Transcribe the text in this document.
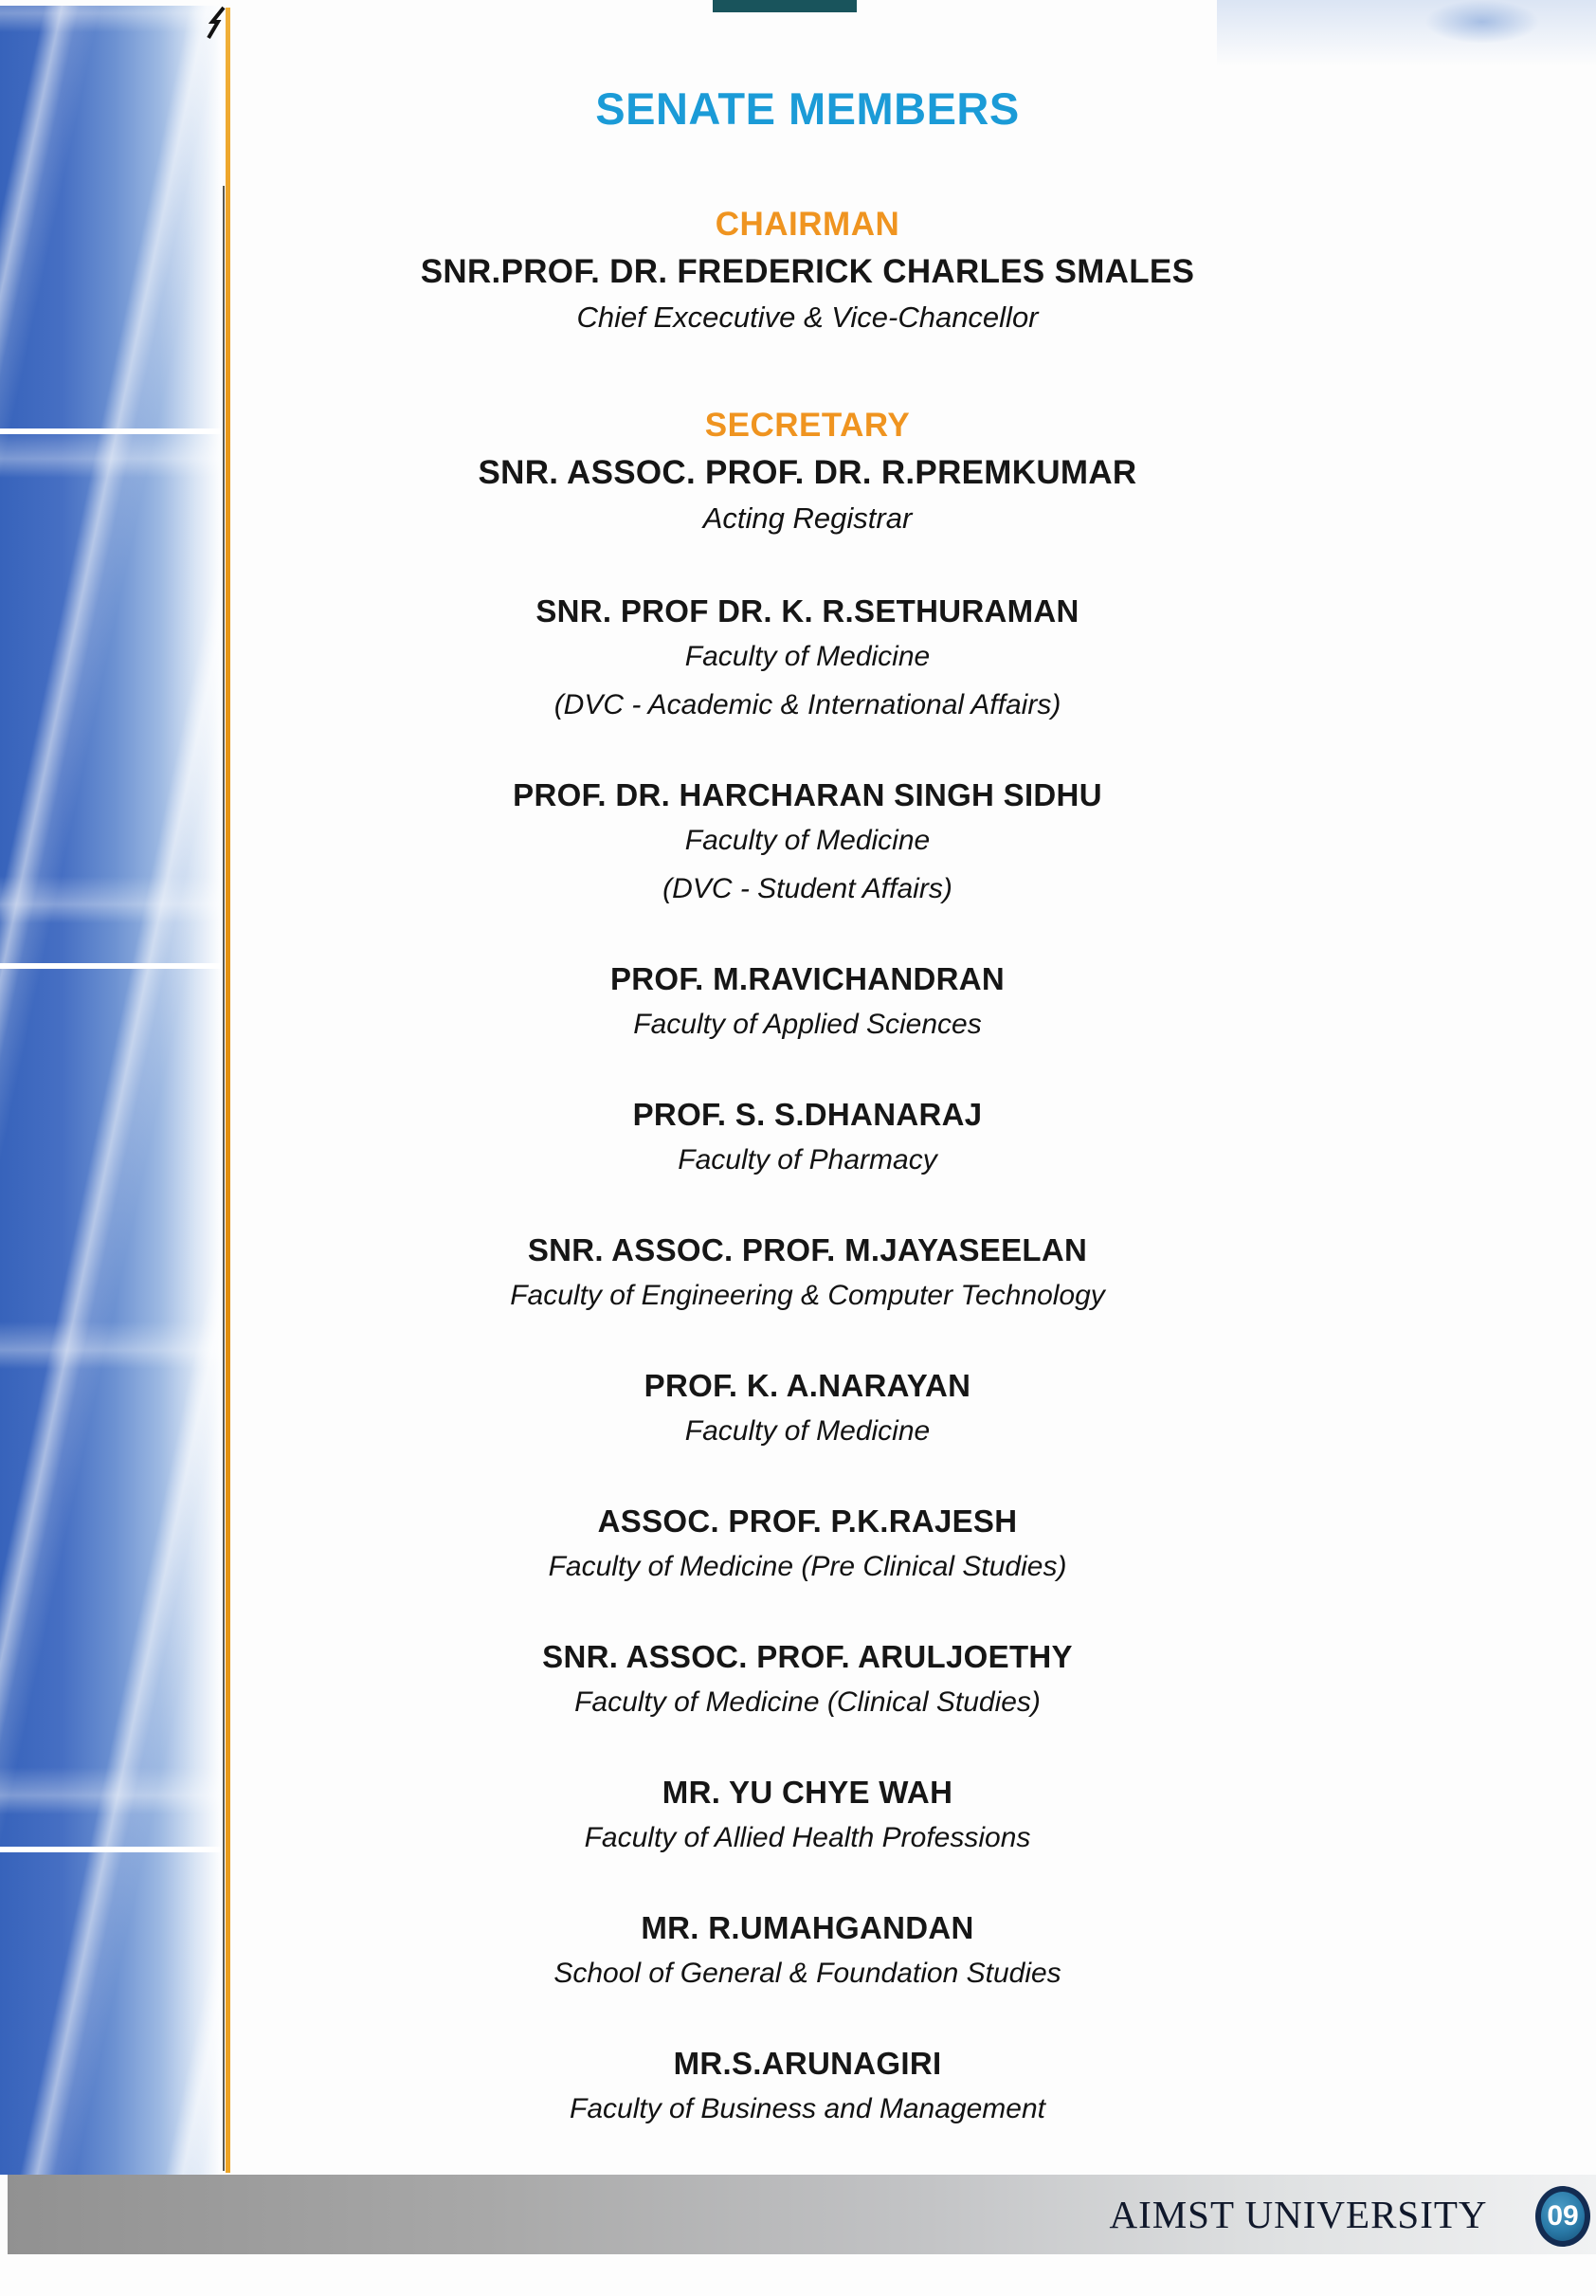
SENATE MEMBERS
CHAIRMAN
SNR.PROF. DR. FREDERICK CHARLES SMALES
Chief Excecutive & Vice-Chancellor
SECRETARY
SNR. ASSOC. PROF. DR. R.PREMKUMAR
Acting Registrar
SNR. PROF DR. K. R.SETHURAMAN
Faculty of Medicine
(DVC - Academic & International Affairs)
PROF. DR. HARCHARAN SINGH SIDHU
Faculty of Medicine
(DVC - Student Affairs)
PROF. M.RAVICHANDRAN
Faculty of Applied Sciences
PROF. S. S.DHANARAJ
Faculty of Pharmacy
SNR. ASSOC. PROF. M.JAYASEELAN
Faculty of Engineering & Computer Technology
PROF. K. A.NARAYAN
Faculty of Medicine
ASSOC. PROF. P.K.RAJESH
Faculty of Medicine (Pre Clinical Studies)
SNR. ASSOC. PROF. ARULJOETHY
Faculty of Medicine (Clinical Studies)
MR. YU CHYE WAH
Faculty of Allied Health Professions
MR. R.UMAHGANDAN
School of General & Foundation Studies
MR.S.ARUNAGIRI
Faculty of Business and Management
AIMST UNIVERSITY	09
